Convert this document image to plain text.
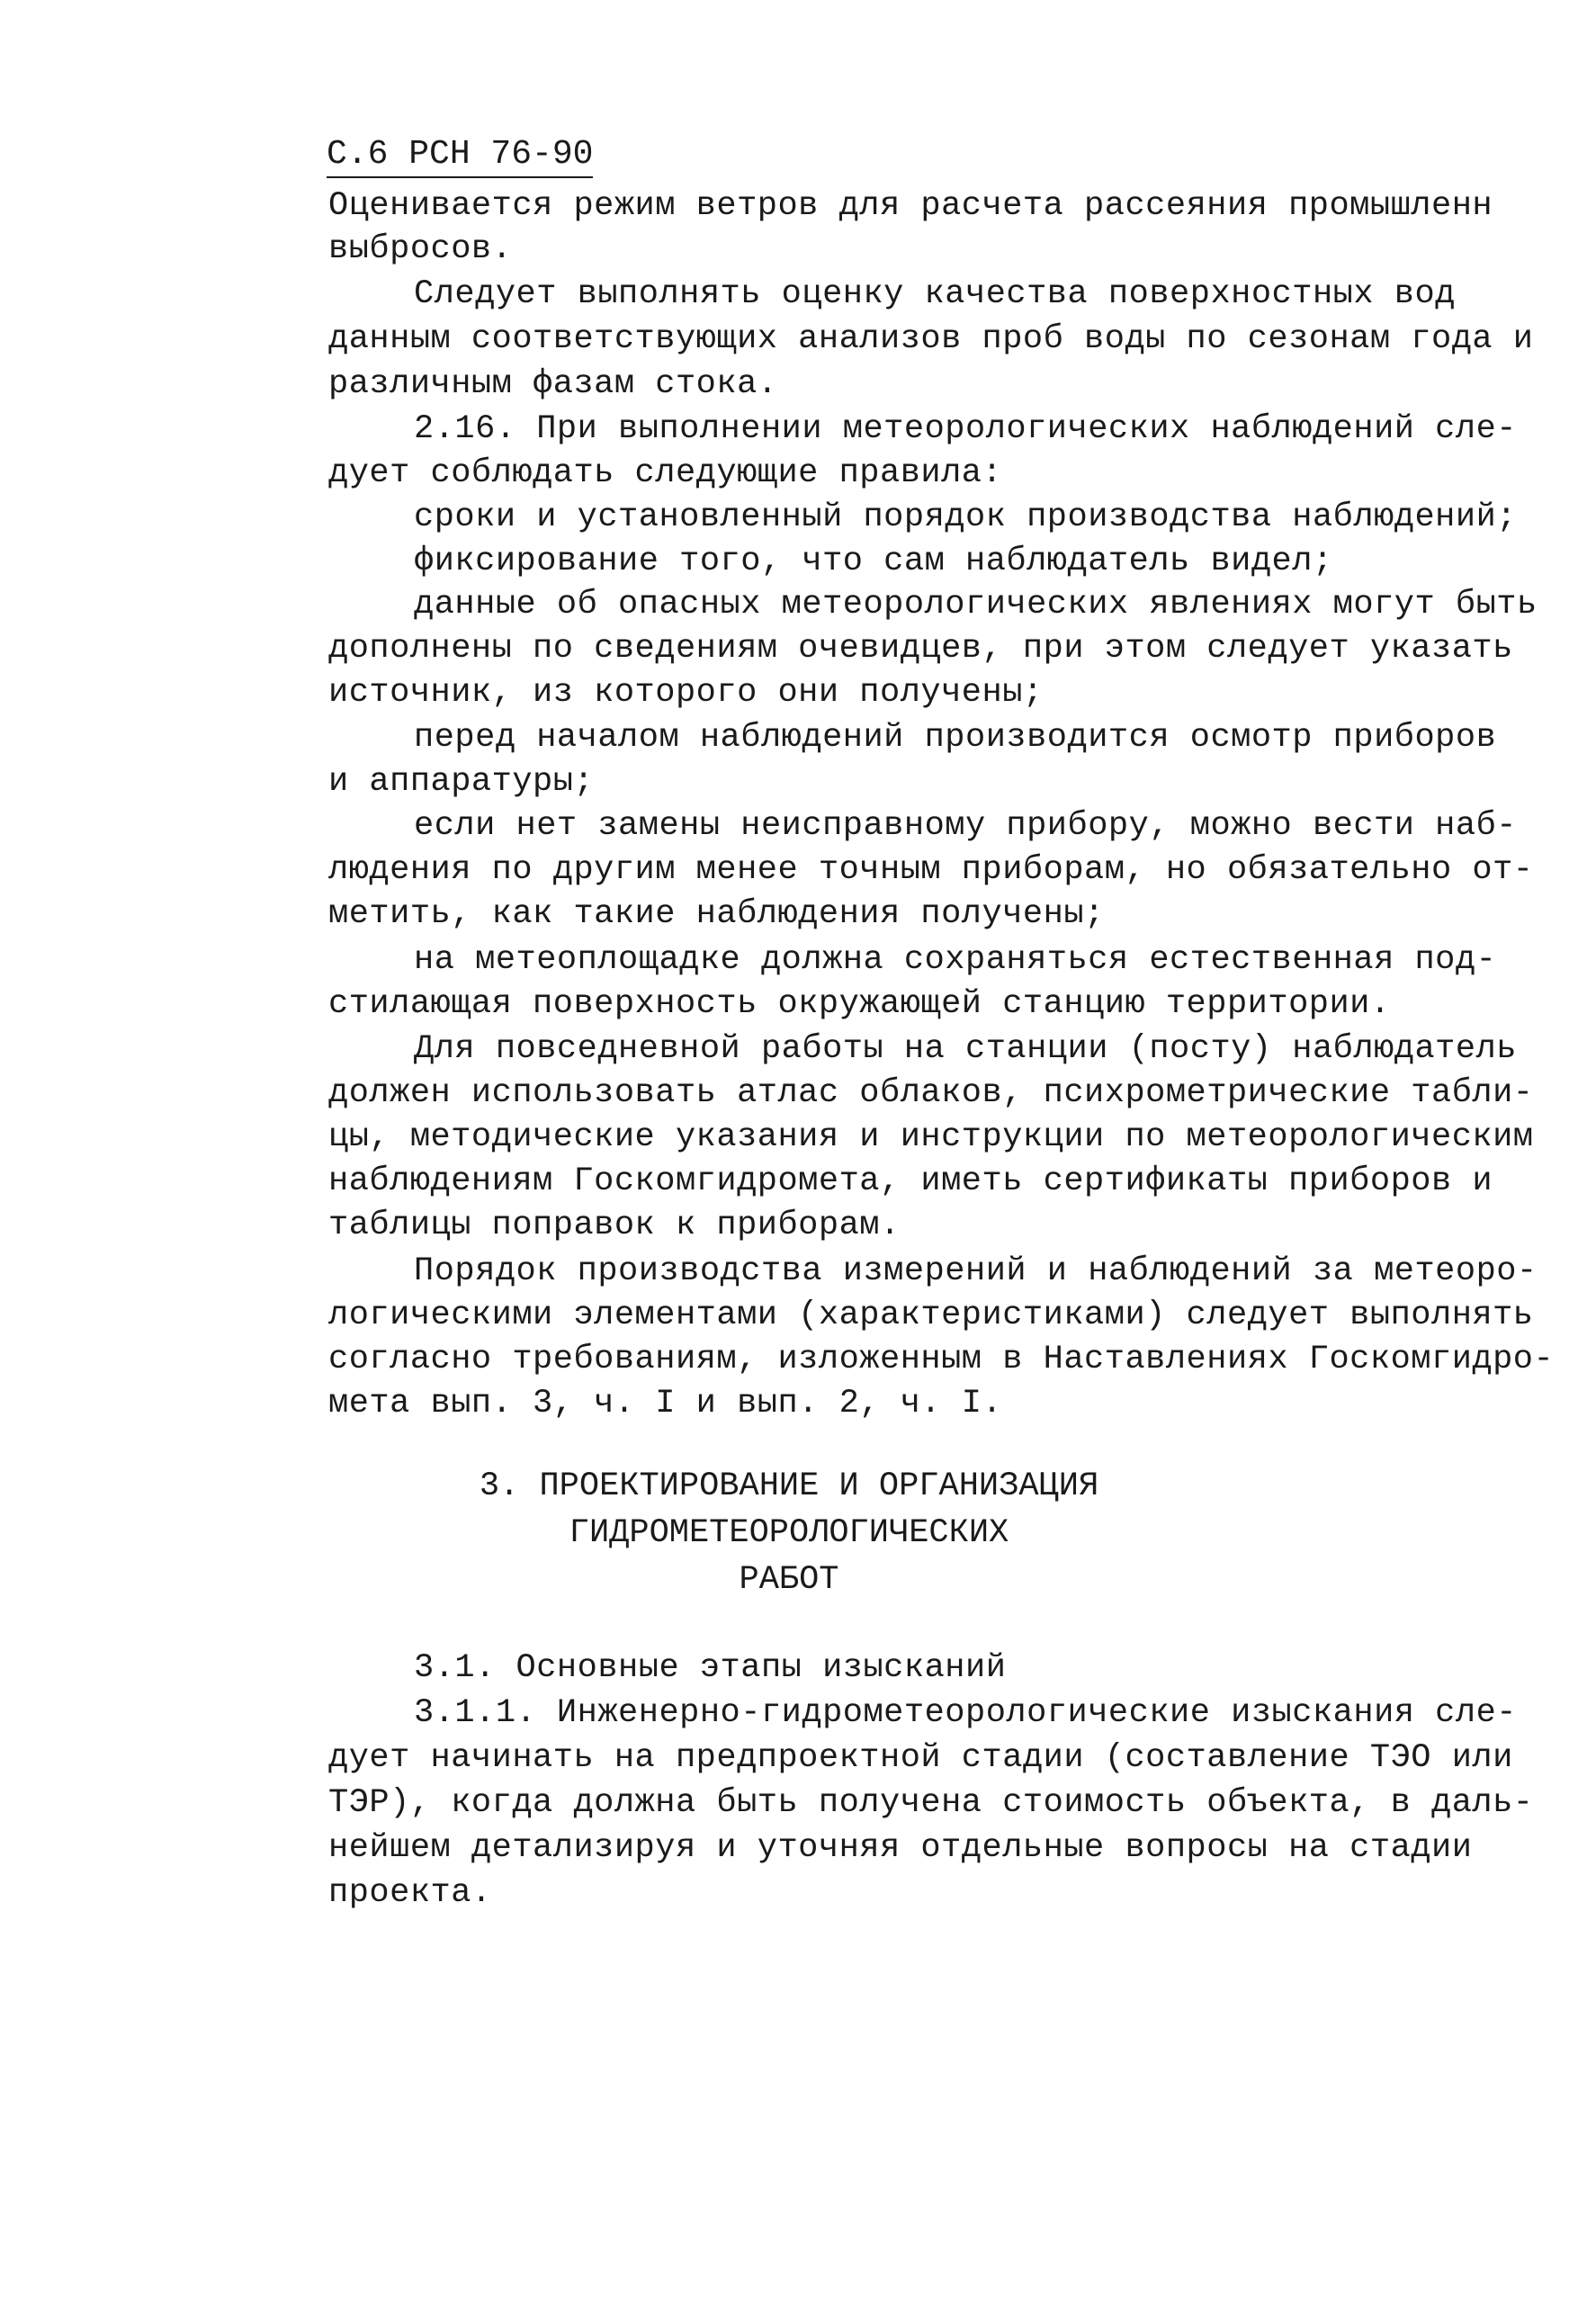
С.6 РСН 76-90
Оценивается режим ветров для расчета рассеяния промышленн
выбросов.
Следует выполнять оценку качества поверхностных вод
данным соответствующих анализов проб воды по сезонам года и
различным фазам стока.
2.16. При выполнении метеорологических наблюдений сле-
дует соблюдать следующие правила:
сроки и установленный порядок производства наблюдений;
фиксирование того, что сам наблюдатель видел;
данные об опасных метеорологических явлениях могут быть
дополнены по сведениям очевидцев, при этом следует указать
источник, из которого они получены;
перед началом наблюдений производится осмотр приборов
и аппаратуры;
если нет замены неисправному прибору, можно вести наб-
людения по другим менее точным приборам, но обязательно от-
метить, как такие наблюдения получены;
на метеоплощадке должна сохраняться естественная под-
стилающая поверхность окружающей станцию территории.
Для повседневной работы на станции (посту) наблюдатель
должен использовать атлас облаков, психрометрические табли-
цы, методические указания и инструкции по метеорологическим
наблюдениям Госкомгидромета, иметь сертификаты приборов и
таблицы поправок к приборам.
Порядок производства измерений и наблюдений за метеоро-
логическими элементами (характеристиками) следует выполнять
согласно требованиям, изложенным в Наставлениях Госкомгидро-
мета вып. 3, ч. I и вып. 2, ч. I.
3. ПРОЕКТИРОВАНИЕ И ОРГАНИЗАЦИЯ
ГИДРОМЕТЕОРОЛОГИЧЕСКИХ
РАБОТ
3.1. Основные этапы изысканий
3.1.1. Инженерно-гидрометеорологические изыскания сле-
дует начинать на предпроектной стадии (составление ТЭО или
ТЭР), когда должна быть получена стоимость объекта, в даль-
нейшем детализируя и уточняя отдельные вопросы на стадии
проекта.
